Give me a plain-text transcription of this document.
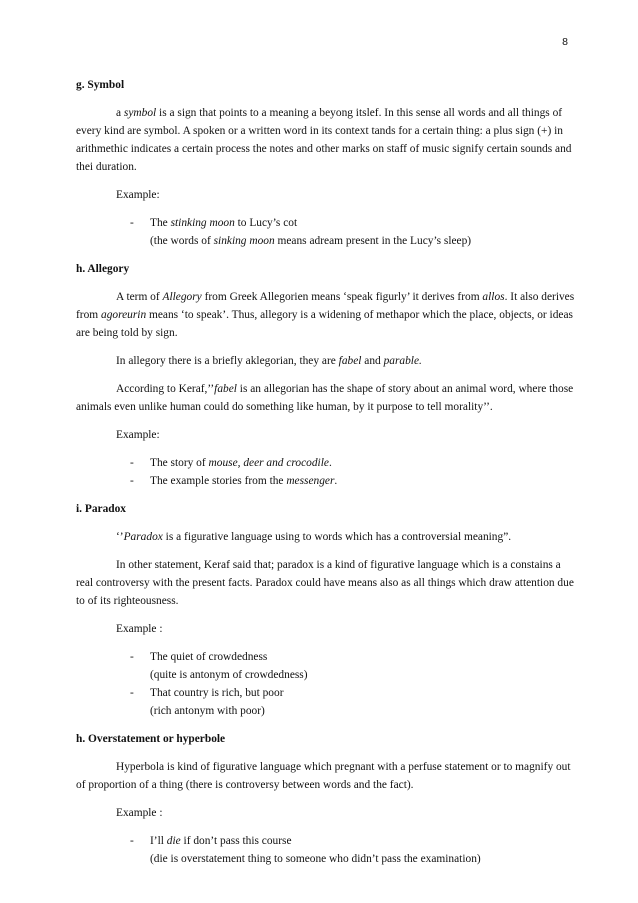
8
g. Symbol

a symbol is a sign that points to a meaning a beyong itslef. In this sense all words and all things of every kind are symbol. A spoken or a written word in its context tands for a certain thing: a plus sign (+) in arithmethic indicates a certain process the notes and other marks on staff of music signify certain sounds and thei duration.

Example:

- The stinking moon to Lucy’s cot
(the words of sinking moon means adream present in the Lucy’s sleep)
h. Allegory

A term of Allegory from Greek Allegorien means ‘speak figurly’ it derives from allos. It also derives from agoreurin means ‘to speak’. Thus, allegory is a widening of methapor which the place, objects, or ideas are being told by sign.

In allegory there is a briefly aklegorian, they are fabel and parable.

According to Keraf,’’fabel is an allegorian has the shape of story about an animal word, where those animals even unlike human could do something like human, by it purpose to tell morality’’.

Example:

- The story of mouse, deer and crocodile.
- The example stories from the messenger.
i. Paradox

‘’Paradox is a figurative language using to words which has a controversial meaning”.

In other statement, Keraf said that; paradox is a kind of figurative language which is a constains a real controversy with the present facts. Paradox could have means also as all things which draw attention due to of its righteousness.

Example :

- The quiet of crowdedness
(quite is antonym of crowdedness)
- That country is rich, but poor
(rich antonym with poor)
h. Overstatement or hyperbole

Hyperbola is kind of figurative language which pregnant with a perfuse statement or to magnify out of proportion of a thing (there is controversy between words and the fact).

Example :

- I’ll die if don’t pass this course
(die is overstatement thing to someone who didn’t pass the examination)
